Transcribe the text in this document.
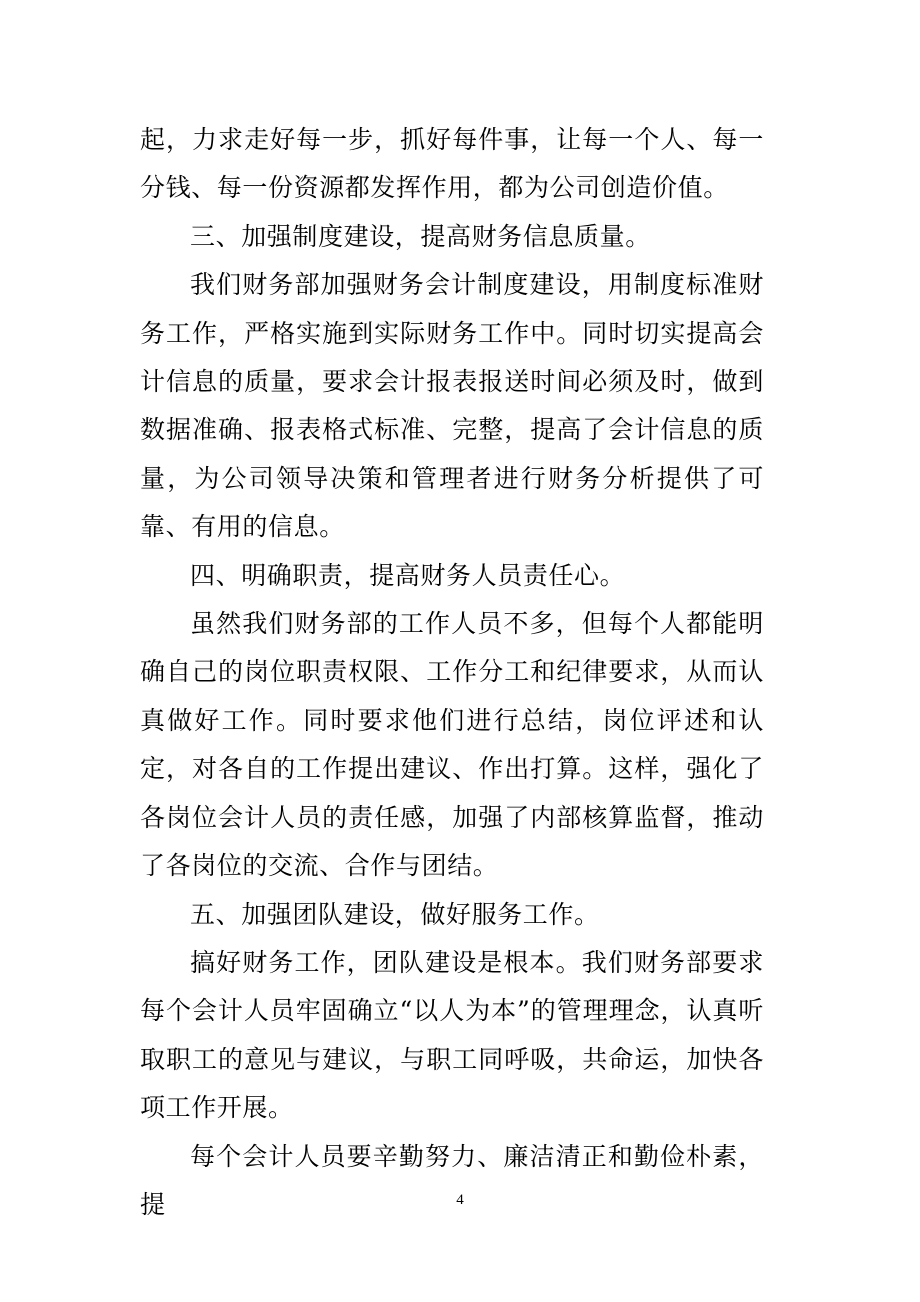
起，力求走好每一步，抓好每件事，让每一个人、每一分钱、每一份资源都发挥作用，都为公司创造价值。

三、加强制度建设，提高财务信息质量。

我们财务部加强财务会计制度建设，用制度标准财务工作，严格实施到实际财务工作中。同时切实提高会计信息的质量，要求会计报表报送时间必须及时，做到数据准确、报表格式标准、完整，提高了会计信息的质量，为公司领导决策和管理者进行财务分析提供了可靠、有用的信息。

四、明确职责，提高财务人员责任心。

虽然我们财务部的工作人员不多，但每个人都能明确自己的岗位职责权限、工作分工和纪律要求，从而认真做好工作。同时要求他们进行总结，岗位评述和认定，对各自的工作提出建议、作出打算。这样，强化了各岗位会计人员的责任感，加强了内部核算监督，推动了各岗位的交流、合作与团结。

五、加强团队建设，做好服务工作。

搞好财务工作，团队建设是根本。我们财务部要求每个会计人员牢固确立“以人为本”的管理理念，认真听取职工的意见与建议，与职工同呼吸，共命运，加快各项工作开展。

每个会计人员要辛勤努力、廉洁清正和勤俭朴素，提	4
